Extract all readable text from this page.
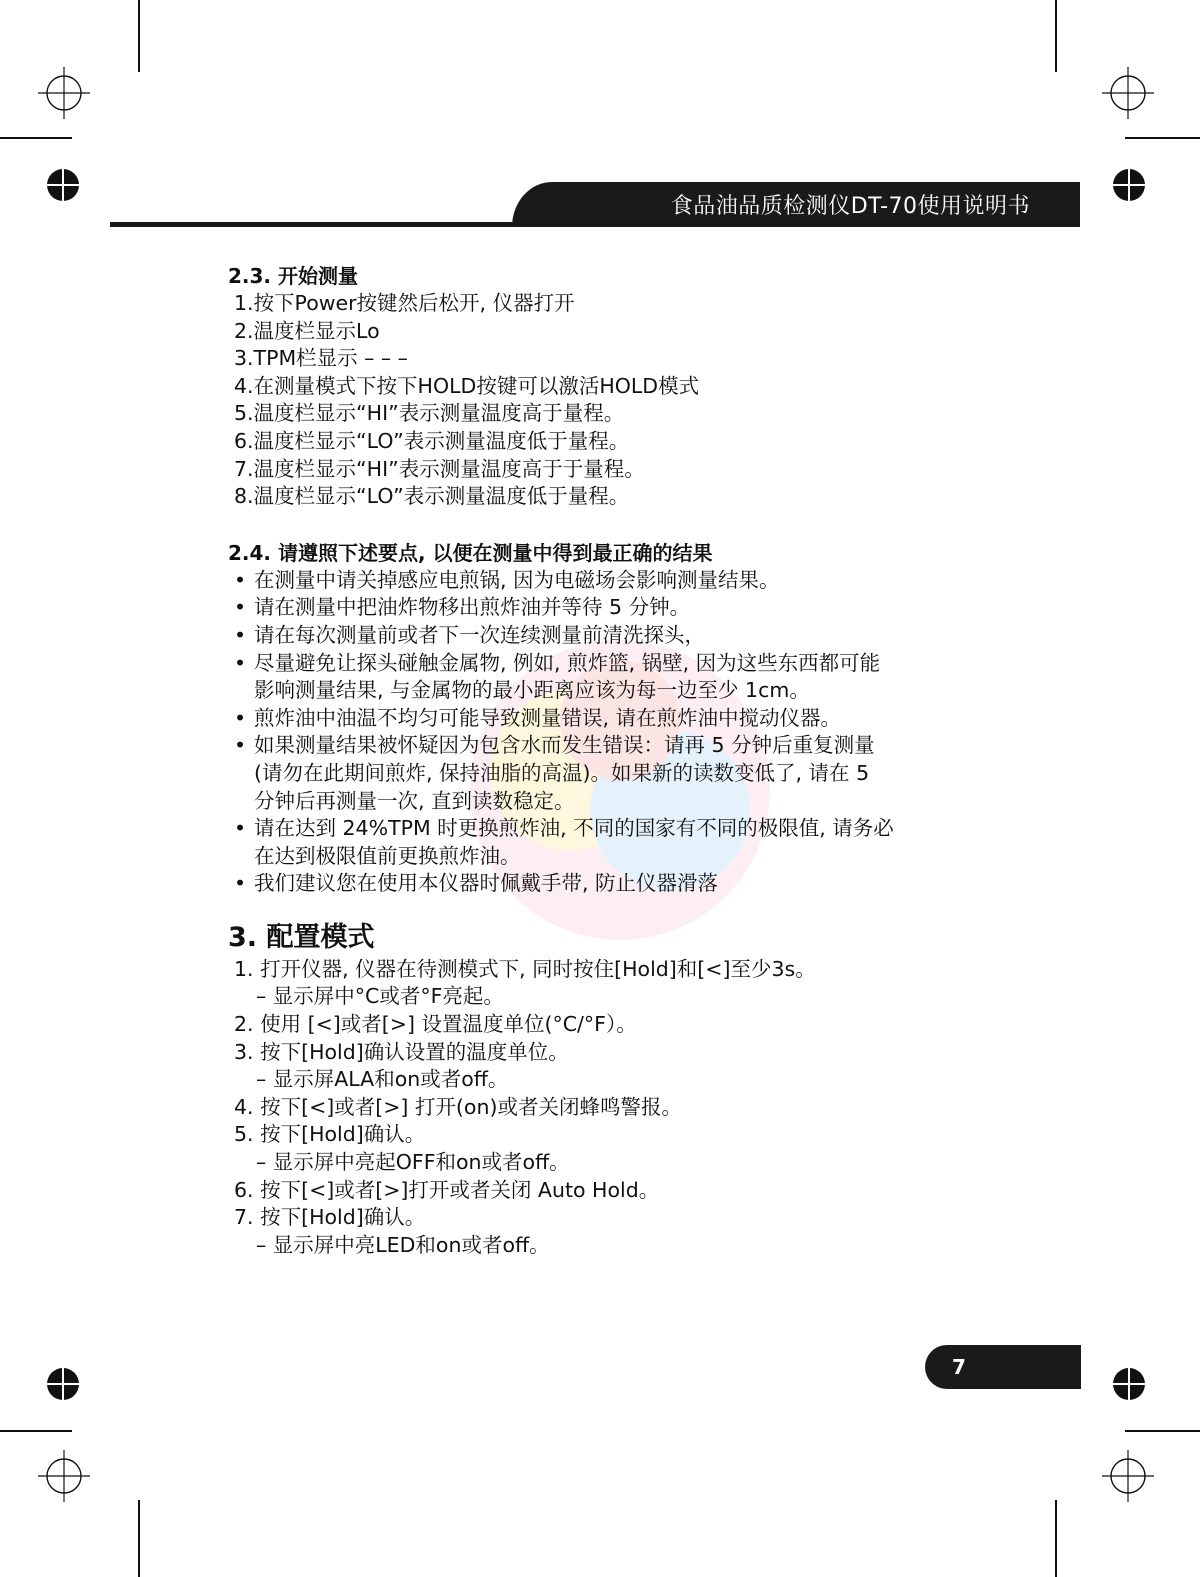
食品油品质检测仪DT-70使用说明书

2.3. 开始测量

1.按下Power按键然后松开, 仪器打开

2.温度栏显示Lo

3.TPM栏显示 – – –

4.在测量模式下按下HOLD按键可以激活HOLD模式

5.温度栏显示“HI”表示测量温度高于量程。

6.温度栏显示“LO”表示测量温度低于量程。

7.温度栏显示“HI”表示测量温度高于于量程。

8.温度栏显示“LO”表示测量温度低于量程。

2.4. 请遵照下述要点, 以便在测量中得到最正确的结果

• 在测量中请关掉感应电煎锅, 因为电磁场会影响测量结果。

• 请在测量中把油炸物移出煎炸油并等待 5 分钟。

• 请在每次测量前或者下一次连续测量前清洗探头，

• 尽量避免让探头碰触金属物, 例如, 煎炸篮, 锅壁, 因为这些东西都可能

影响测量结果, 与金属物的最小距离应该为每一边至少 1cm。

• 煎炸油中油温不均匀可能导致测量错误, 请在煎炸油中搅动仪器。

• 如果测量结果被怀疑因为包含水而发生错误：请再 5 分钟后重复测量

(请勿在此期间煎炸, 保持油脂的高温)。如果新的读数变低了, 请在 5

分钟后再测量一次, 直到读数稳定。

• 请在达到 24%TPM 时更换煎炸油, 不同的国家有不同的极限值, 请务必

在达到极限值前更换煎炸油。

• 我们建议您在使用本仪器时佩戴手带, 防止仪器滑落

3. 配置模式

1. 打开仪器, 仪器在待测模式下, 同时按住[Hold]和[<]至少3s。

– 显示屏中°C或者°F亮起。

2. 使用 [<]或者[>] 设置温度单位(°C/°F）。

3. 按下[Hold]确认设置的温度单位。

– 显示屏ALA和on或者off。

4. 按下[<]或者[>] 打开(on)或者关闭蜂鸣警报。

5. 按下[Hold]确认。

– 显示屏中亮起OFF和on或者off。

6. 按下[<]或者[>]打开或者关闭 Auto Hold。

7. 按下[Hold]确认。

– 显示屏中亮LED和on或者off。

7
